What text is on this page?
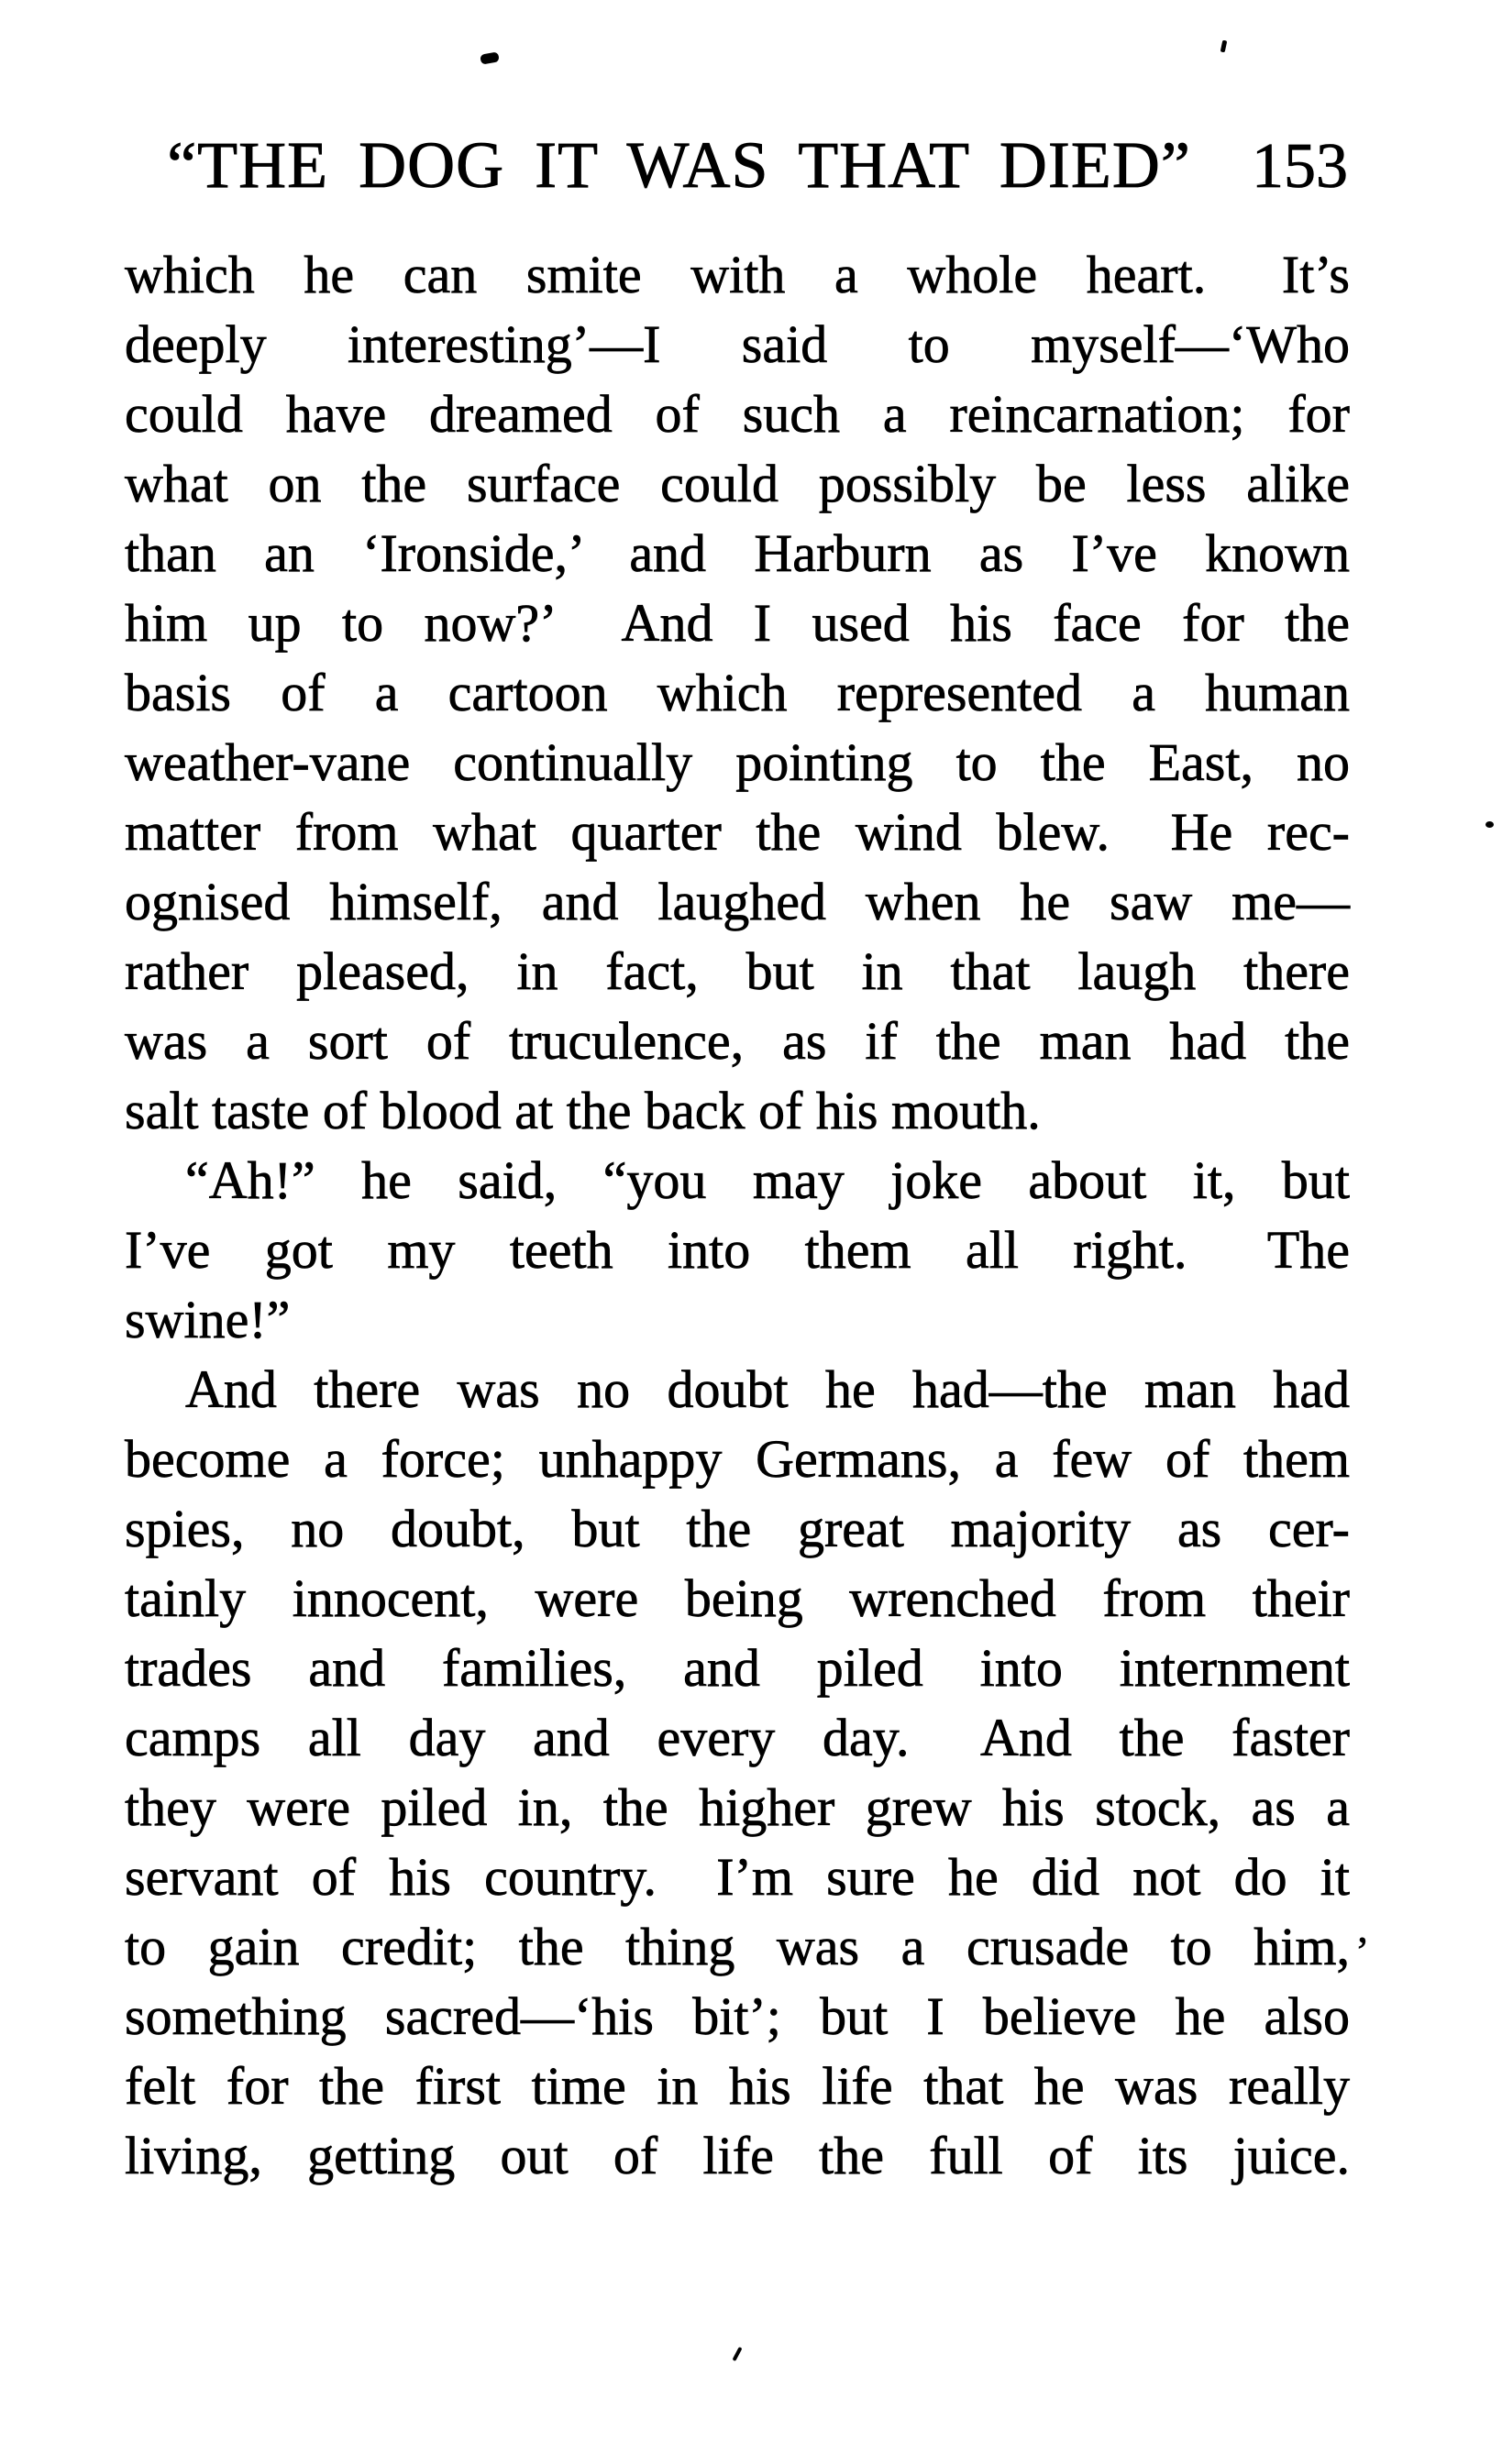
“THE DOG IT WAS THAT DIED” 153
which he can smite with a whole heart.  It’s
deeply interesting’—I said to myself—‘Who
could have dreamed of such a reincarnation; for
what on the surface could possibly be less alike
than an ‘Ironside,’ and Harburn as I’ve known
him up to now?’  And I used his face for the
basis of a cartoon which represented a human
weather-vane continually pointing to the East, no
matter from what quarter the wind blew.  He rec-
ognised himself, and laughed when he saw me—
rather pleased, in fact, but in that laugh there
was a sort of truculence, as if the man had the
salt taste of blood at the back of his mouth.
“Ah!” he said, “you may joke about it, but
I’ve got my teeth into them all right.  The
swine!”
And there was no doubt he had—the man had
become a force; unhappy Germans, a few of them
spies, no doubt, but the great majority as cer-
tainly innocent, were being wrenched from their
trades and families, and piled into internment
camps all day and every day.  And the faster
they were piled in, the higher grew his stock, as a
servant of his country.  I’m sure he did not do it
to gain credit; the thing was a crusade to him,
something sacred—‘his bit’; but I believe he also
felt for the first time in his life that he was really
living, getting out of life the full of its juice.
’
